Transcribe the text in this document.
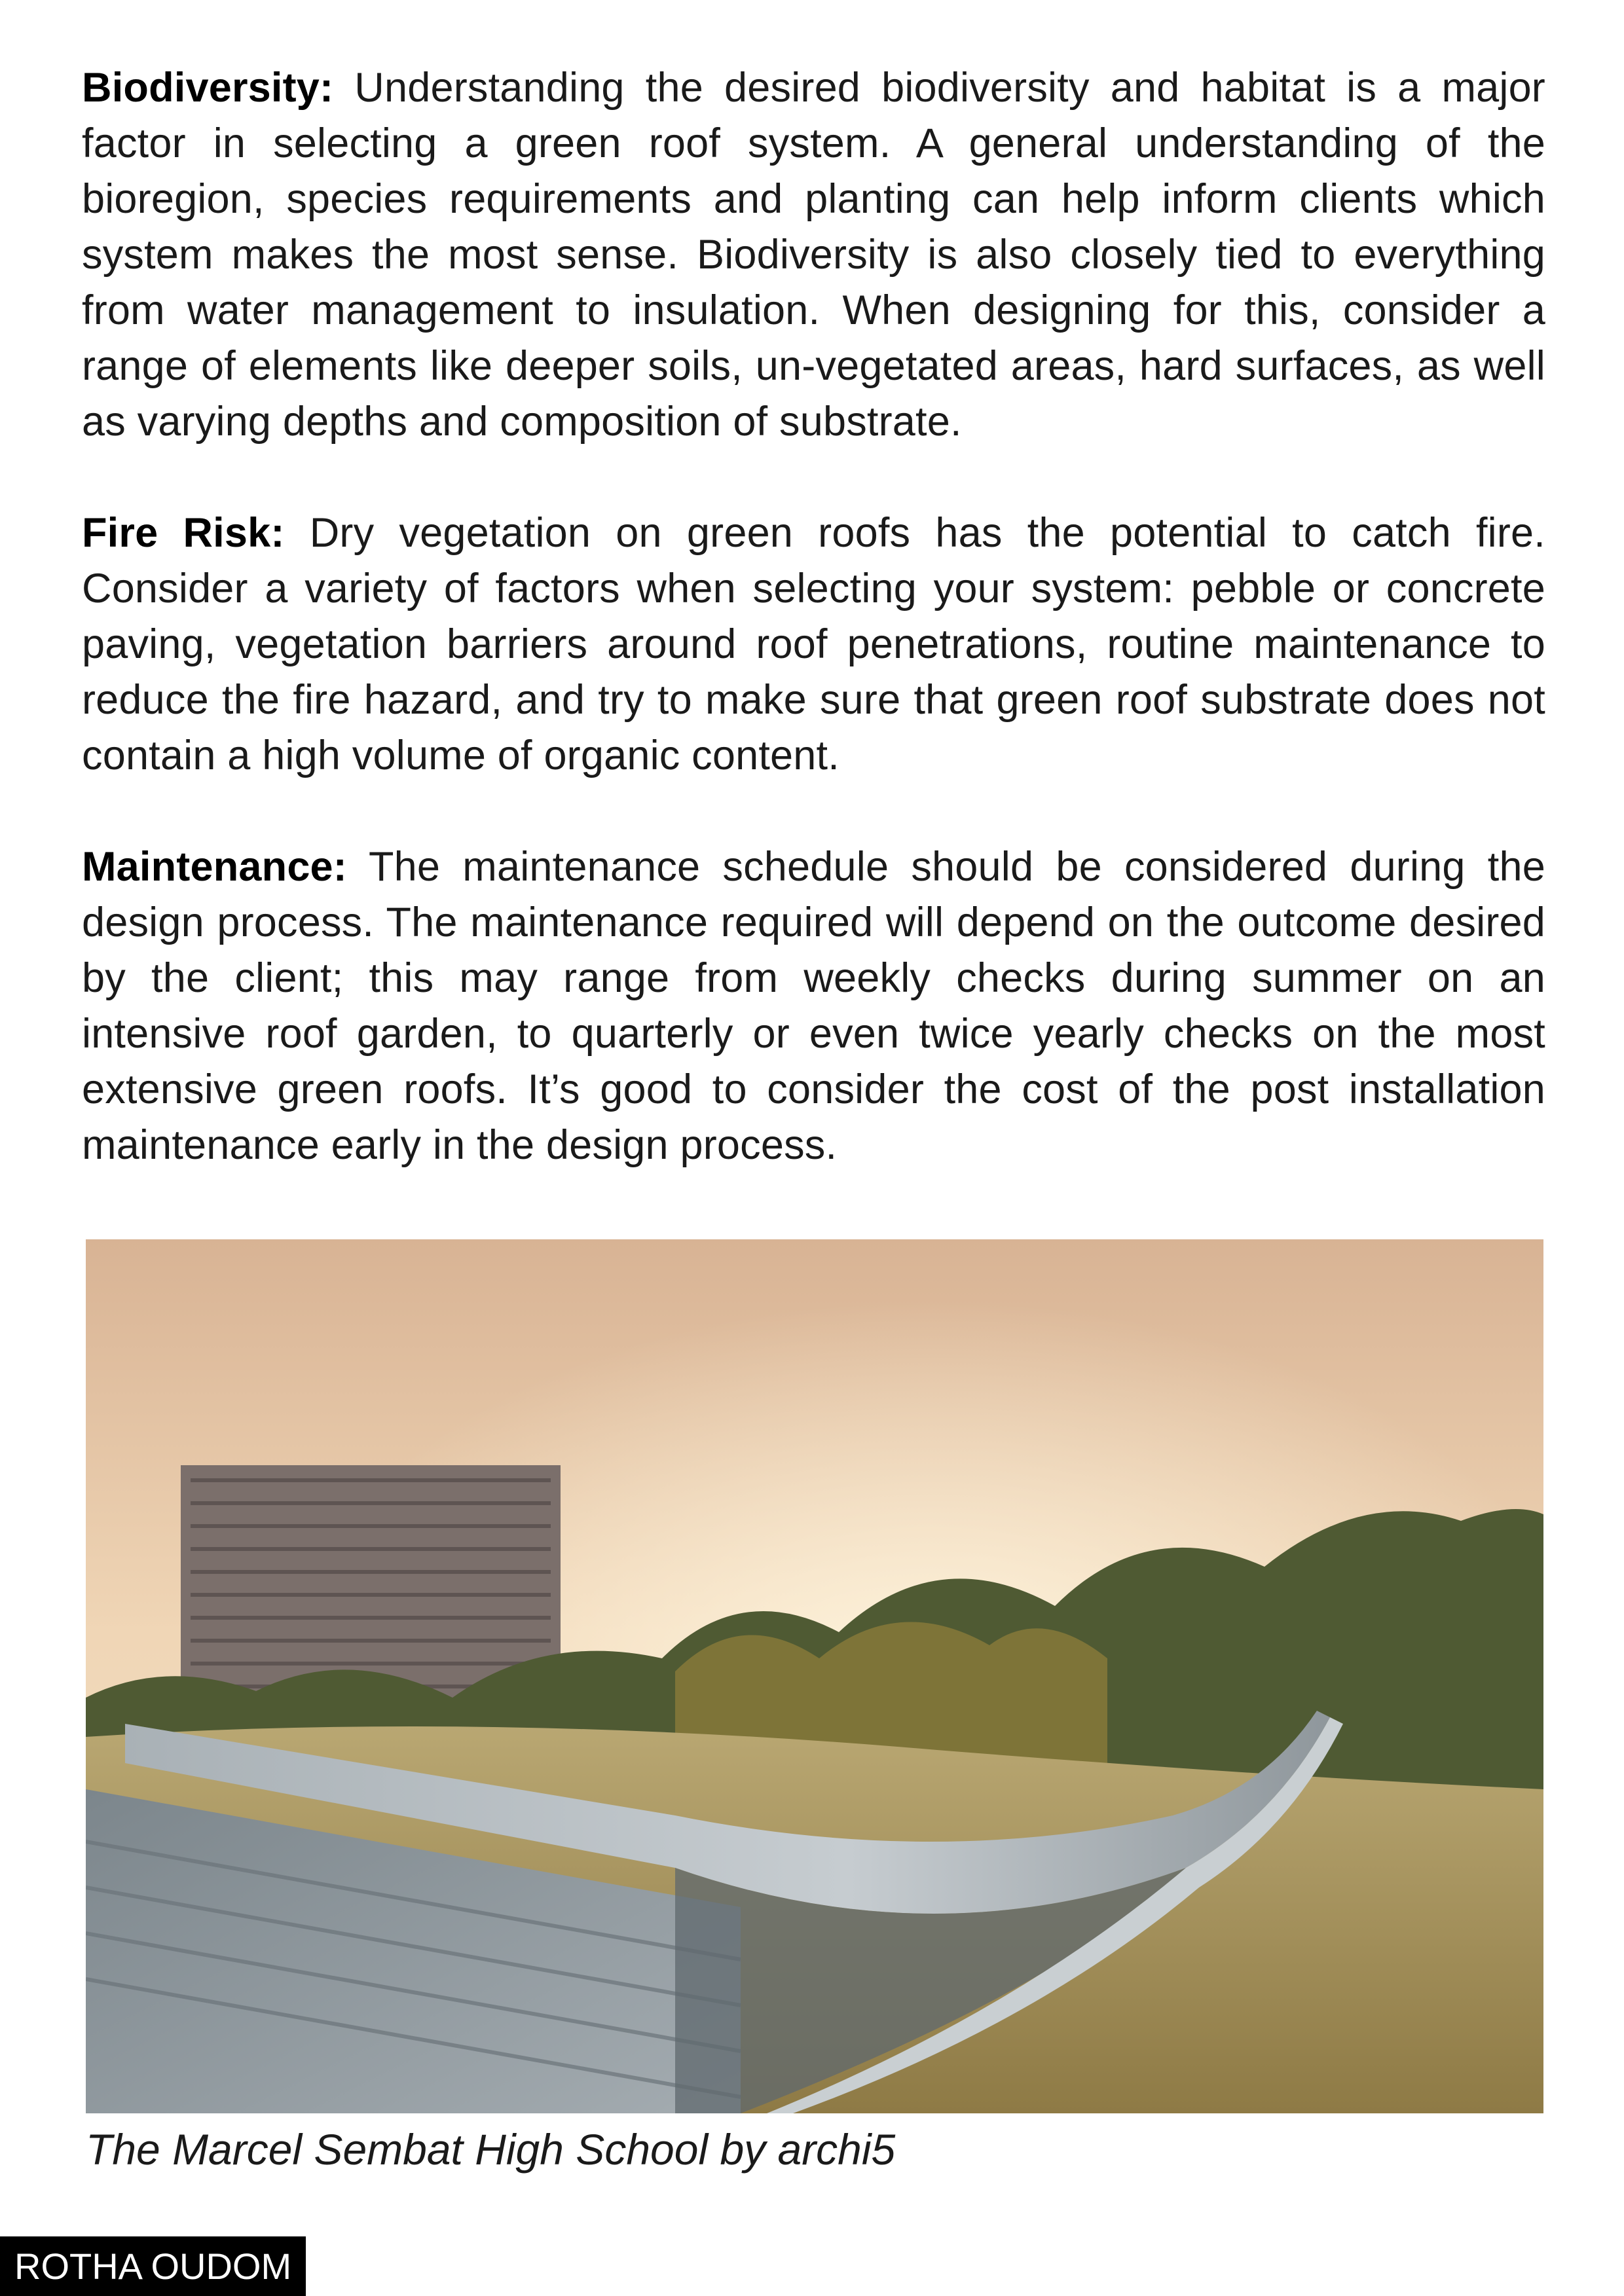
Biodiversity: Understanding the desired biodiversity and habitat is a major factor in selecting a green roof system. A general understanding of the bioregion, species requirements and planting can help inform clients which system makes the most sense. Biodiversity is also closely tied to everything from water management to insulation. When designing for this, consider a range of elements like deeper soils, un-vegetated areas, hard surfaces, as well as varying depths and composition of substrate.

Fire Risk: Dry vegetation on green roofs has the potential to catch fire. Consider a variety of factors when selecting your system: pebble or concrete paving, vegetation barriers around roof penetrations, routine maintenance to reduce the fire hazard, and try to make sure that green roof substrate does not contain a high volume of organic content.

Maintenance: The maintenance schedule should be considered during the design process. The maintenance required will depend on the outcome desired by the client; this may range from weekly checks during summer on an intensive roof garden, to quarterly or even twice yearly checks on the most extensive green roofs. It’s good to consider the cost of the post installation maintenance early in the design process.

The Marcel Sembat High School by archi5
ROTHA OUDOM
